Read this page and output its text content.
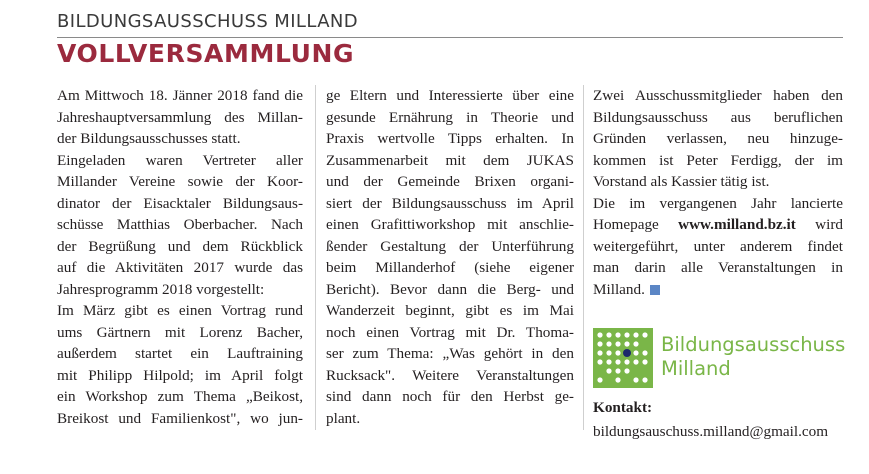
BILDUNGSAUSSCHUSS MILLAND
VOLLVERSAMMLUNG

Am Mittwoch 18. Jänner 2018 fand die
Jahreshauptversammlung des Millan-
der Bildungsausschusses statt.

Eingeladen waren Vertreter aller
Millander Vereine sowie der Koor-
dinator der Eisacktaler Bildungsaus-
schüsse Matthias Oberbacher. Nach
der Begrüßung und dem Rückblick
auf die Aktivitäten 2017 wurde das
Jahresprogramm 2018 vorgestellt:

Im März gibt es einen Vortrag rund
ums Gärtnern mit Lorenz Bacher,
außerdem startet ein Lauftraining
mit Philipp Hilpold; im April folgt
ein Workshop zum Thema „Beikost,
Breikost und Familienkost", wo jun-

ge Eltern und Interessierte über eine
gesunde Ernährung in Theorie und
Praxis wertvolle Tipps erhalten. In
Zusammenarbeit mit dem JUKAS
und der Gemeinde Brixen organi-
siert der Bildungsausschuss im April
einen Grafittiworkshop mit anschlie-
ßender Gestaltung der Unterführung
beim Millanderhof (siehe eigener
Bericht). Bevor dann die Berg- und
Wanderzeit beginnt, gibt es im Mai
noch einen Vortrag mit Dr. Thoma-
ser zum Thema: „Was gehört in den
Rucksack". Weitere Veranstaltungen
sind dann noch für den Herbst ge-
plant.

Zwei Ausschussmitglieder haben den
Bildungsausschuss aus beruflichen
Gründen verlassen, neu hinzuge-
kommen ist Peter Ferdigg, der im
Vorstand als Kassier tätig ist.

Die im vergangenen Jahr lancierte
Homepage www.milland.bz.it wird
weitergeführt, unter anderem findet
man darin alle Veranstaltungen in
Milland.

Bildungsausschuss
Milland
Kontakt:
bildungsauschuss.milland@gmail.com
